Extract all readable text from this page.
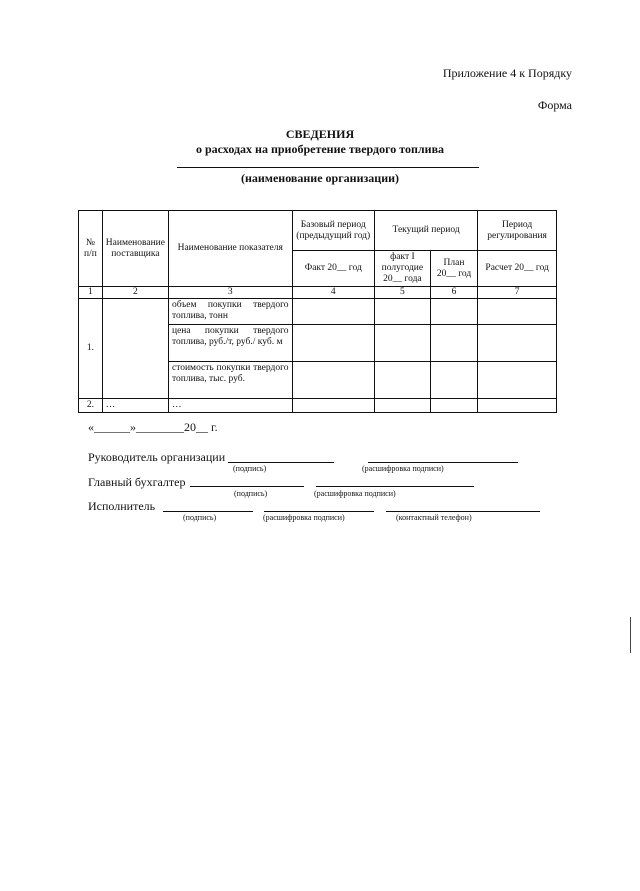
Приложение 4 к Порядку
Форма
СВЕДЕНИЯ
о расходах на приобретение твердого топлива
(наименование организации)
№ п/п	Наименование поставщика	Наименование показателя	Базовый период (предыдущий год)	Текущий период		Период регулирования
			Факт 20__ год	факт I полугодие 20__ года	План 20__ год	Расчет 20__ год
1	2	3	4	5	6	7
1.		объем покупки твердого топлива, тонн				
		цена покупки твердого топлива, руб./т, руб./ куб. м				
		стоимость покупки твердого топлива, тыс. руб.				
2.	…	…				
«______»________20__ г.
Руководитель организации
(подпись)	(расшифровка подписи)
Главный бухгалтер
(подпись)	(расшифровка подписи)
Исполнитель
(подпись)	(расшифровка подписи)	(контактный телефон)
